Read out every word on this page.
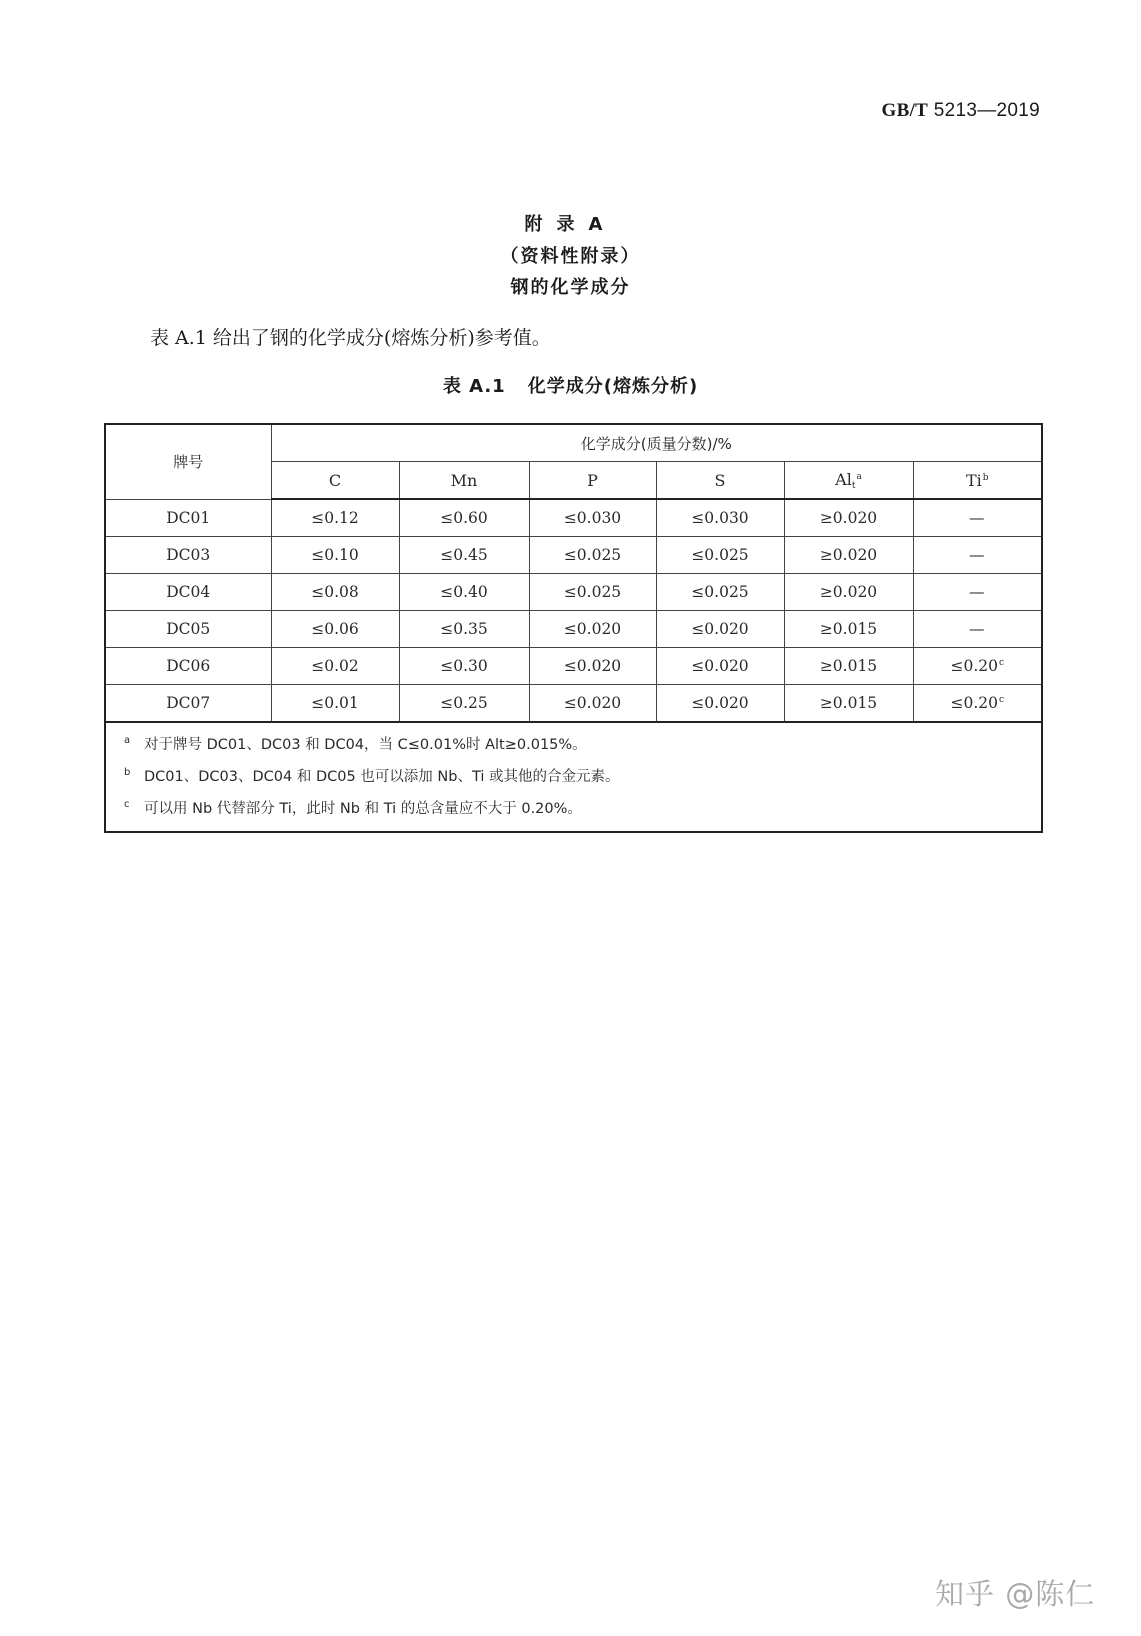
GB/T 5213—2019
附录A
（资料性附录）
钢的化学成分
表 A.1 给出了钢的化学成分(熔炼分析)参考值。
表 A.1 化学成分(熔炼分析)
牌号	化学成分(质量分数)/%					
	C	Mn	P	S	$Al_t^a$	Ti$^b$
DC01	≤0.12	≤0.60	≤0.030	≤0.030	≥0.020	—
DC03	≤0.10	≤0.45	≤0.025	≤0.025	≥0.020	—
DC04	≤0.08	≤0.40	≤0.025	≤0.025	≥0.020	—
DC05	≤0.06	≤0.35	≤0.020	≤0.020	≥0.015	—
DC06	≤0.02	≤0.30	≤0.020	≤0.020	≥0.015	≤0.20$^c$
DC07	≤0.01	≤0.25	≤0.020	≤0.020	≥0.015	≤0.20$^c$

a 对于牌号 DC01、DC03 和 DC04，当 C≤0.01%时 Alt≥0.015%。
b DC01、DC03、DC04 和 DC05 也可以添加 Nb、Ti 或其他的合金元素。
c 可以用 Nb 代替部分 Ti，此时 Nb 和 Ti 的总含量应不大于 0.20%。
知乎 @陈仁
